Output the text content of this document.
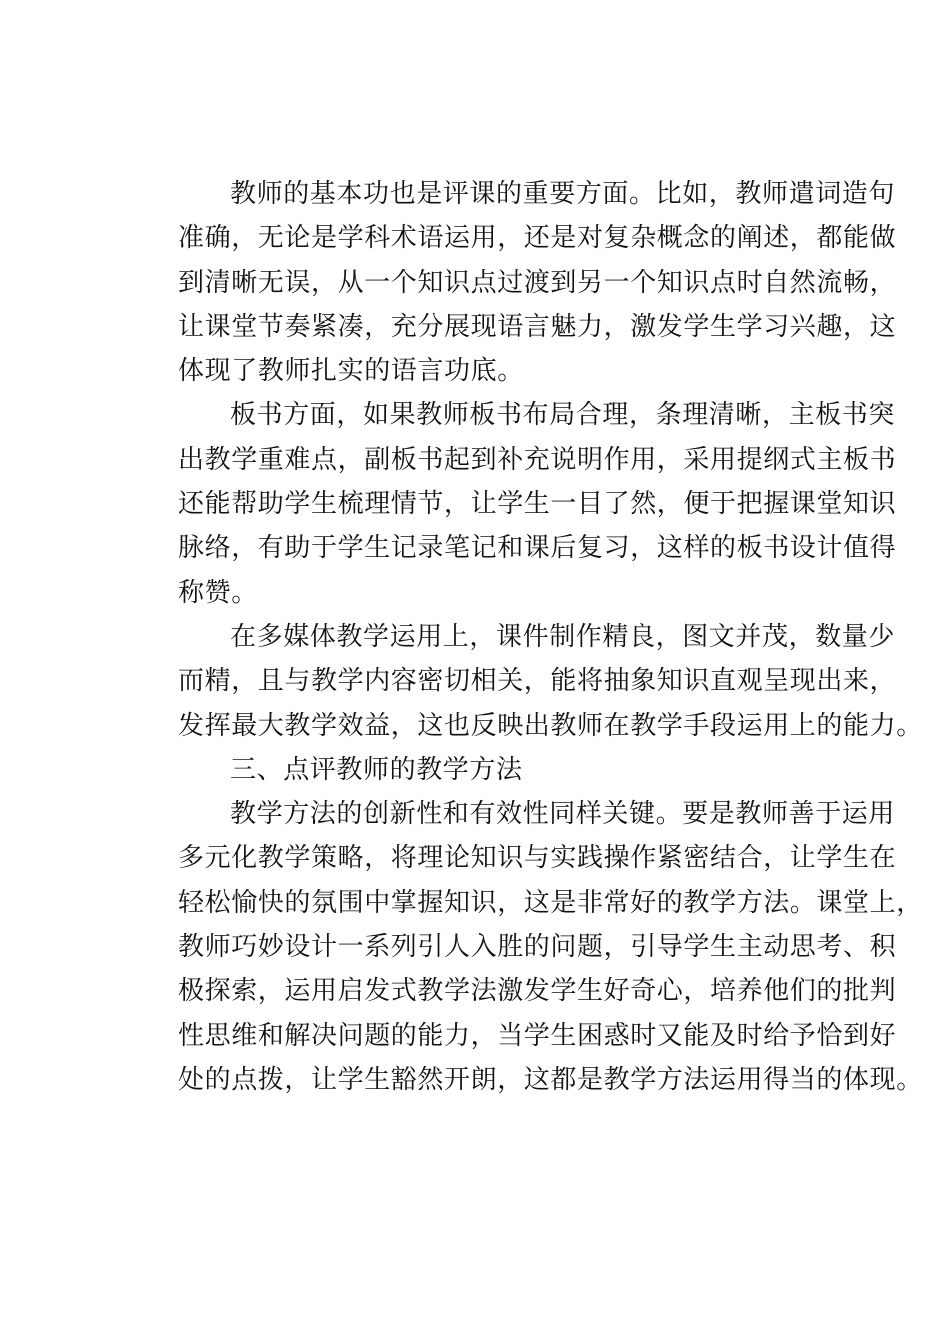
教师的基本功也是评课的重要方面。比如，教师遣词造句
准确，无论是学科术语运用，还是对复杂概念的阐述，都能做
到清晰无误，从一个知识点过渡到另一个知识点时自然流畅，
让课堂节奏紧凑，充分展现语言魅力，激发学生学习兴趣，这
体现了教师扎实的语言功底。
板书方面，如果教师板书布局合理，条理清晰，主板书突
出教学重难点，副板书起到补充说明作用，采用提纲式主板书
还能帮助学生梳理情节，让学生一目了然，便于把握课堂知识
脉络，有助于学生记录笔记和课后复习，这样的板书设计值得
称赞。
在多媒体教学运用上，课件制作精良，图文并茂，数量少
而精，且与教学内容密切相关，能将抽象知识直观呈现出来，
发挥最大教学效益，这也反映出教师在教学手段运用上的能力。
三、点评教师的教学方法
教学方法的创新性和有效性同样关键。要是教师善于运用
多元化教学策略，将理论知识与实践操作紧密结合，让学生在
轻松愉快的氛围中掌握知识，这是非常好的教学方法。课堂上，
教师巧妙设计一系列引人入胜的问题，引导学生主动思考、积
极探索，运用启发式教学法激发学生好奇心，培养他们的批判
性思维和解决问题的能力，当学生困惑时又能及时给予恰到好
处的点拨，让学生豁然开朗，这都是教学方法运用得当的体现。
